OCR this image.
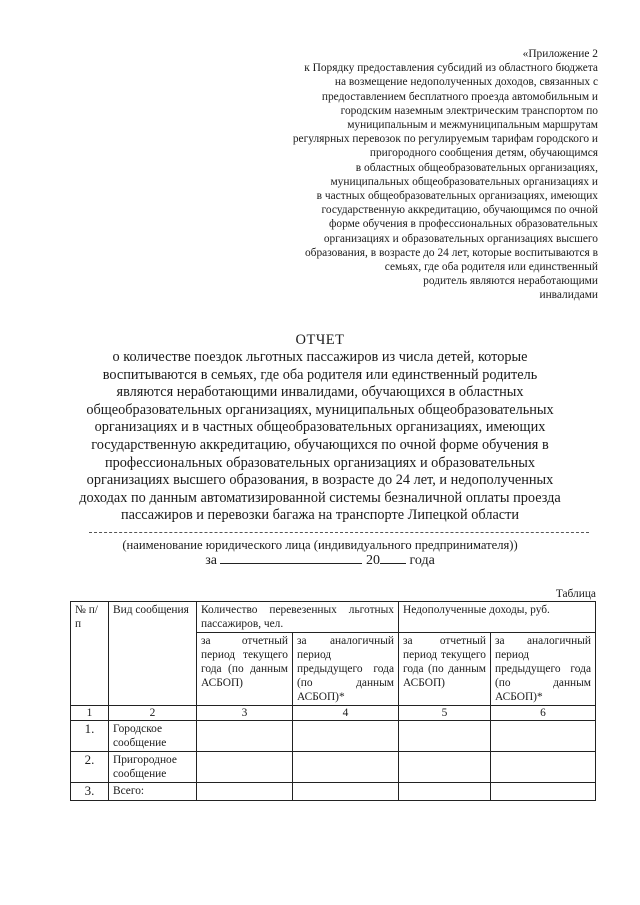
«Приложение 2
к Порядку предоставления субсидий из областного бюджета
на возмещение недополученных доходов, связанных с
предоставлением бесплатного проезда автомобильным и
городским наземным электрическим транспортом по
муниципальным и межмуниципальным маршрутам
регулярных перевозок по регулируемым тарифам городского и
пригородного сообщения детям, обучающимся
в областных общеобразовательных организациях,
муниципальных общеобразовательных организациях и
в частных общеобразовательных организациях, имеющих
государственную аккредитацию, обучающимся по очной
форме обучения в профессиональных образовательных
организациях и образовательных организациях высшего
образования, в возрасте до 24 лет, которые воспитываются в
семьях, где оба родителя или единственный
родитель являются неработающими
инвалидами
ОТЧЕТ
о количестве поездок льготных пассажиров из числа детей, которые
воспитываются в семьях, где оба родителя или единственный родитель
являются неработающими инвалидами, обучающихся в областных
общеобразовательных организациях, муниципальных общеобразовательных
организациях и в частных общеобразовательных организациях, имеющих
государственную аккредитацию, обучающихся по очной форме обучения в
профессиональных образовательных организациях и образовательных
организациях высшего образования, в возрасте до 24 лет, и недополученных
доходах по данным автоматизированной системы безналичной оплаты проезда
пассажиров и перевозки багажа на транспорте Липецкой области
(наименование юридического лица (индивидуального предпринимателя))
за	20 года
Таблица
№ п/п	Вид сообщения	Количество перевезенных льготных пассажиров, чел.		Недополученные доходы, руб.	
		за отчетный период текущего года (по данным АСБОП)	за аналогичный период предыдущего года (по данным АСБОП)*	за отчетный период текущего года (по данным АСБОП)	за аналогичный период предыдущего года (по данным АСБОП)*
1	2	3	4	5	6
1.	Городское сообщение				
2.	Пригородное сообщение				
3.	Всего:				
